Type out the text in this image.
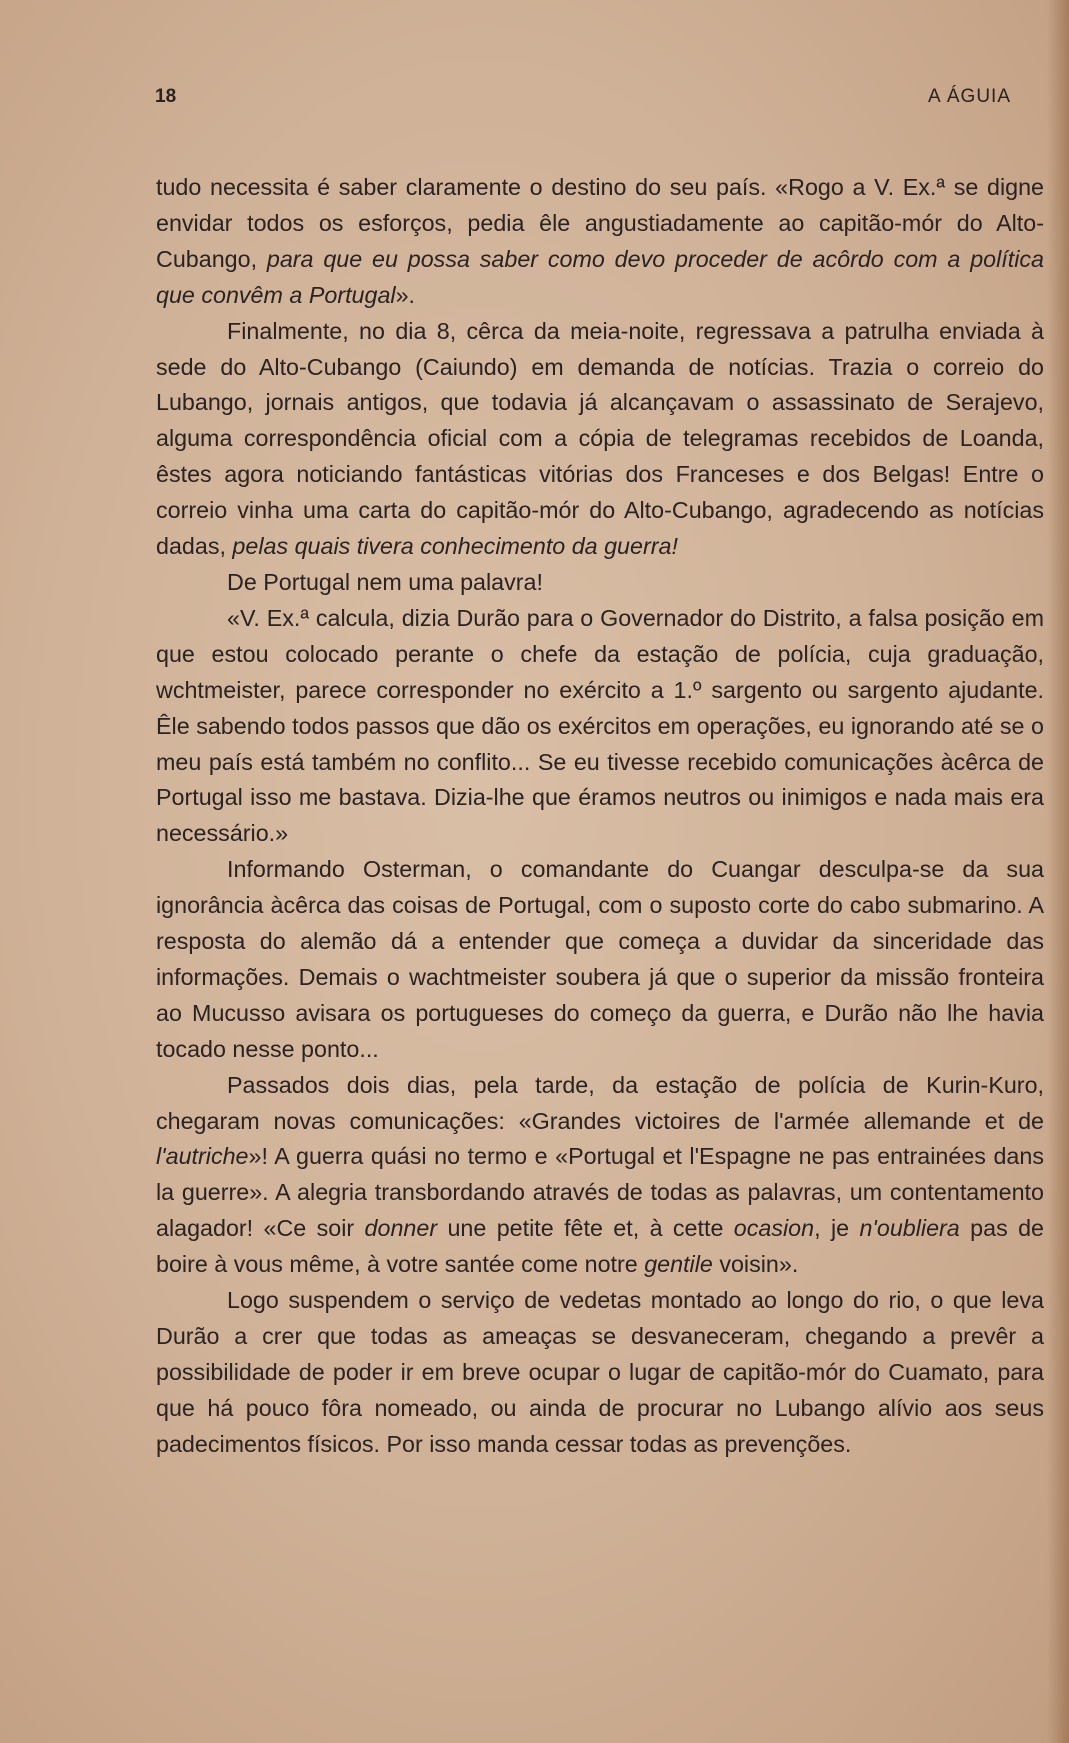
18	A ÁGUIA

tudo necessita é saber claramente o destino do seu país. «Rogo a V. Ex.ª se digne envidar todos os esforços, pedia êle angustiadamente ao capitão-mór do Alto-Cubango, para que eu possa saber como devo proceder de acôrdo com a política que convêm a Portugal».

Finalmente, no dia 8, cêrca da meia-noite, regressava a patrulha enviada à sede do Alto-Cubango (Caiundo) em demanda de notícias. Trazia o correio do Lubango, jornais antigos, que todavia já alcançavam o assassinato de Serajevo, alguma correspondência oficial com a cópia de telegramas recebidos de Loanda, êstes agora noticiando fantásticas vitórias dos Franceses e dos Belgas! Entre o correio vinha uma carta do capitão-mór do Alto-Cubango, agradecendo as notícias dadas, pelas quais tivera conhecimento da guerra!

De Portugal nem uma palavra!

«V. Ex.ª calcula, dizia Durão para o Governador do Distrito, a falsa posição em que estou colocado perante o chefe da estação de polícia, cuja graduação, wchtmeister, parece corresponder no exército a 1.º sargento ou sargento ajudante. Êle sabendo todos passos que dão os exércitos em operações, eu ignorando até se o meu país está também no conflito... Se eu tivesse recebido comunicações àcêrca de Portugal isso me bastava. Dizia-lhe que éramos neutros ou inimigos e nada mais era necessário.»

Informando Osterman, o comandante do Cuangar desculpa-se da sua ignorância àcêrca das coisas de Portugal, com o suposto corte do cabo submarino. A resposta do alemão dá a entender que começa a duvidar da sinceridade das informações. Demais o wachtmeister soubera já que o superior da missão fronteira ao Mucusso avisara os portugueses do começo da guerra, e Durão não lhe havia tocado nesse ponto...

Passados dois dias, pela tarde, da estação de polícia de Kurin-Kuro, chegaram novas comunicações: «Grandes victoires de l'armée allemande et de l'autriche»! A guerra quási no termo e «Portugal et l'Espagne ne pas entrainées dans la guerre». A alegria transbordando através de todas as palavras, um contentamento alagador! «Ce soir donner une petite fête et, à cette ocasion, je n'oubliera pas de boire à vous même, à votre santée come notre gentile voisin».

Logo suspendem o serviço de vedetas montado ao longo do rio, o que leva Durão a crer que todas as ameaças se desvaneceram, chegando a prevêr a possibilidade de poder ir em breve ocupar o lugar de capitão-mór do Cuamato, para que há pouco fôra nomeado, ou ainda de procurar no Lubango alívio aos seus padecimentos físicos. Por isso manda cessar todas as prevenções.
